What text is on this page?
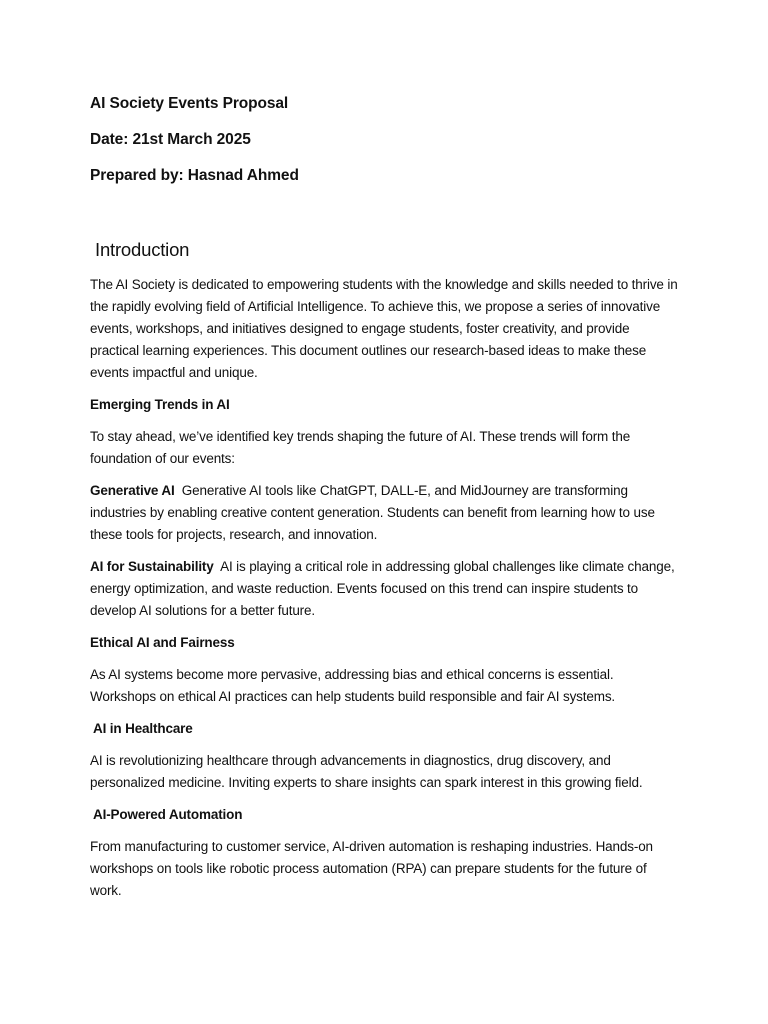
AI Society Events Proposal
Date: 21st March 2025
Prepared by: Hasnad Ahmed
Introduction

The AI Society is dedicated to empowering students with the knowledge and skills needed to thrive in the rapidly evolving field of Artificial Intelligence. To achieve this, we propose a series of innovative events, workshops, and initiatives designed to engage students, foster creativity, and provide practical learning experiences. This document outlines our research-based ideas to make these events impactful and unique.

Emerging Trends in AI

To stay ahead, we’ve identified key trends shaping the future of AI. These trends will form the foundation of our events:

Generative AI Generative AI tools like ChatGPT, DALL-E, and MidJourney are transforming industries by enabling creative content generation. Students can benefit from learning how to use these tools for projects, research, and innovation.

AI for Sustainability AI is playing a critical role in addressing global challenges like climate change, energy optimization, and waste reduction. Events focused on this trend can inspire students to develop AI solutions for a better future.

Ethical AI and Fairness

As AI systems become more pervasive, addressing bias and ethical concerns is essential. Workshops on ethical AI practices can help students build responsible and fair AI systems.

AI in Healthcare

AI is revolutionizing healthcare through advancements in diagnostics, drug discovery, and personalized medicine. Inviting experts to share insights can spark interest in this growing field.

AI-Powered Automation

From manufacturing to customer service, AI-driven automation is reshaping industries. Hands-on workshops on tools like robotic process automation (RPA) can prepare students for the future of work.
